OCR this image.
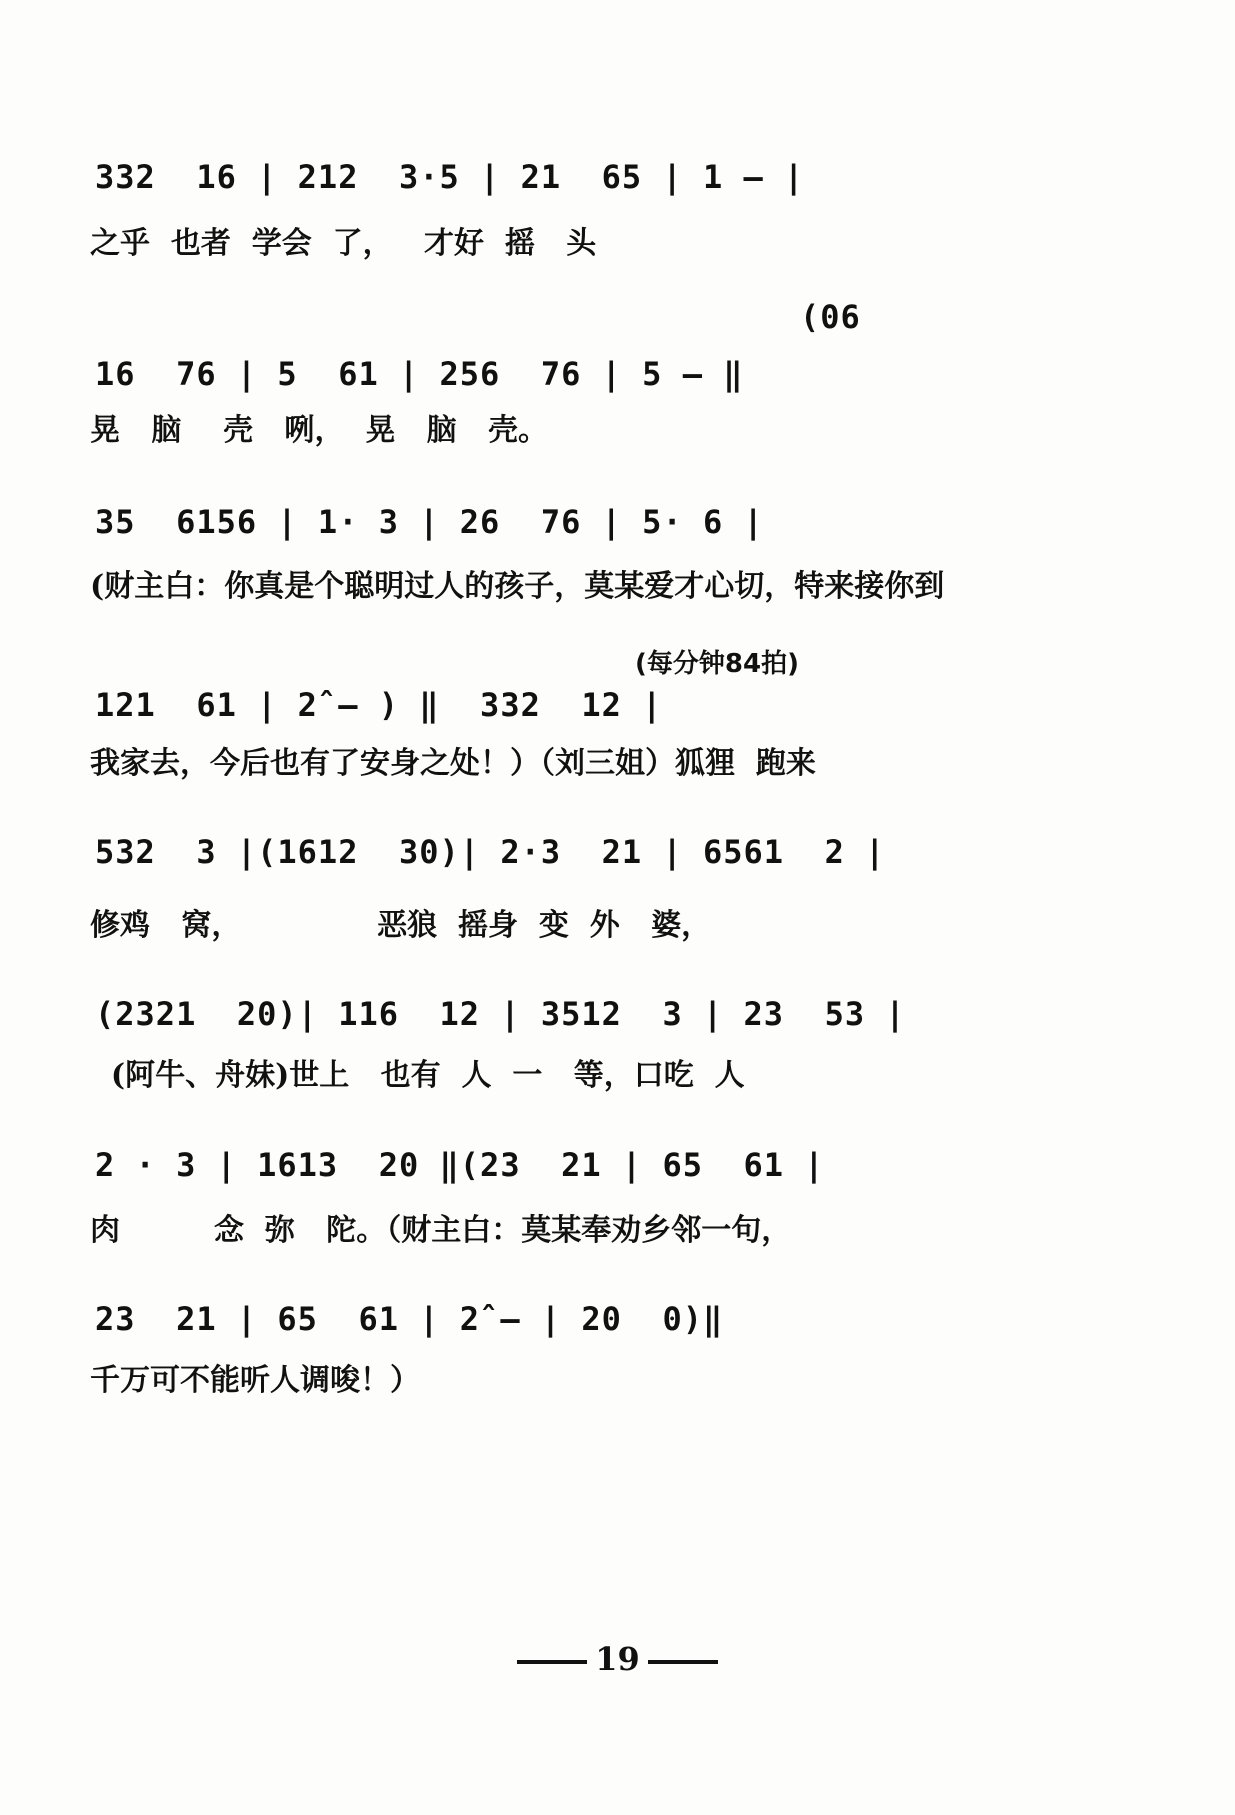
332  16 | 212  3·5 | 21  65 | 1 — |
之乎  也者  学会  了，   才好  摇   头
(06
16  76 | 5  61 | 256  76 | 5 — ‖
晃   脑    壳   咧，  晃   脑   壳。
35  6156 | 1· 3 | 26  76 | 5· 6 |
(财主白：你真是个聪明过人的孩子，莫某爱才心切，特来接你到
(每分钟84拍)
121  61 | 2̂ — ) ‖  332  12 |
我家去，今后也有了安身之处！）（刘三姐）狐狸  跑来
532  3 |(1612  30)| 2·3  21 | 6561  2 |
修鸡   窝，             恶狼  摇身  变  外   婆，
(2321  20)| 116  12 | 3512  3 | 23  53 |
(阿牛、舟妹)世上   也有  人  一   等，口吃  人
2 · 3 | 1613  20 ‖(23  21 | 65  61 |
肉         念  弥   陀。（财主白：莫某奉劝乡邻一句，
23  21 | 65  61 | 2̂ — | 20  0)‖
千万可不能听人调唆！）
19
